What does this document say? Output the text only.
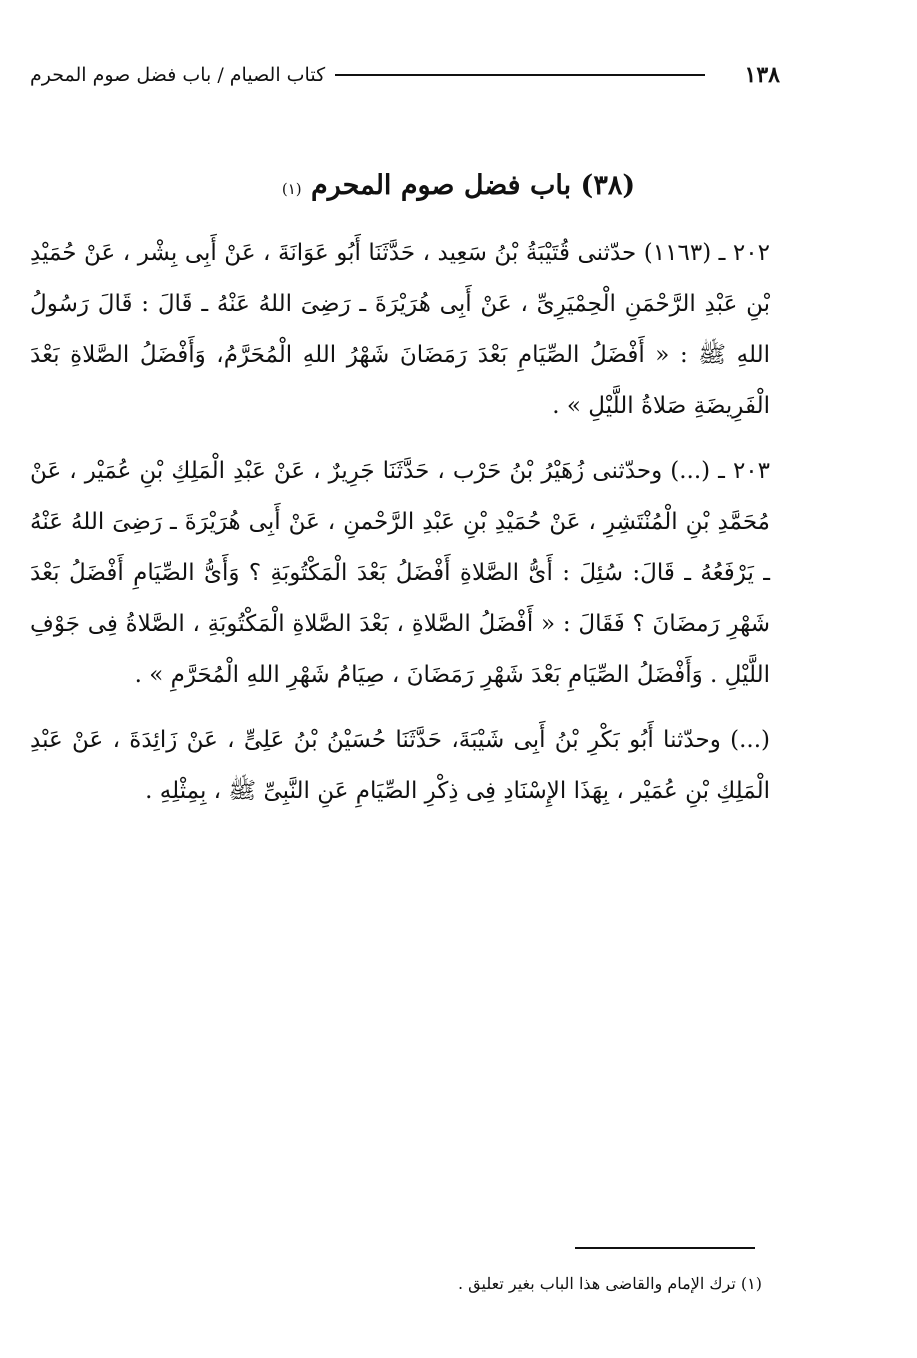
١٣٨
كتاب الصيام / باب فضل صوم المحرم
(٣٨) باب فضل صوم المحرم (١)

٢٠٢ ـ (١١٦٣) حدّثنى قُتَيْبَةُ بْنُ سَعِيد ، حَدَّثَنَا أَبُو عَوَانَةَ ، عَنْ أَبِى بِشْر ، عَنْ حُمَيْدِ بْنِ عَبْدِ الرَّحْمَنِ الْحِمْيَرِىِّ ، عَنْ أَبِى هُرَيْرَةَ ـ رَضِىَ اللهُ عَنْهُ ـ قَالَ : قَالَ رَسُولُ اللهِ ﷺ : « أَفْضَلُ الصِّيَامِ بَعْدَ رَمَضَانَ شَهْرُ اللهِ الْمُحَرَّمُ، وَأَفْضَلُ الصَّلاةِ بَعْدَ الْفَرِيضَةِ صَلاةُ اللَّيْلِ » .

٢٠٣ ـ (...) وحدّثنى زُهَيْرُ بْنُ حَرْب ، حَدَّثَنَا جَرِيرٌ ، عَنْ عَبْدِ الْمَلِكِ بْنِ عُمَيْر ، عَنْ مُحَمَّدِ بْنِ الْمُنْتَشِرِ ، عَنْ حُمَيْدِ بْنِ عَبْدِ الرَّحْمنِ ، عَنْ أَبِى هُرَيْرَةَ ـ رَضِىَ اللهُ عَنْهُ ـ يَرْفَعُهُ ـ قَالَ: سُئِلَ : أَىُّ الصَّلاةِ أَفْضَلُ بَعْدَ الْمَكْتُوبَةِ ؟ وَأَىُّ الصِّيَامِ أَفْضَلُ بَعْدَ شَهْرِ رَمضَانَ ؟ فَقَالَ : « أَفْضَلُ الصَّلاةِ ، بَعْدَ الصَّلاةِ الْمَكْتُوبَةِ ، الصَّلاةُ فِى جَوْفِ اللَّيْلِ . وَأَفْضَلُ الصِّيَامِ بَعْدَ شَهْرِ رَمَضَانَ ، صِيَامُ شَهْرِ اللهِ الْمُحَرَّمِ » .

(...) وحدّثنا أَبُو بَكْرِ بْنُ أَبِى شَيْبَةَ، حَدَّثَنَا حُسَيْنُ بْنُ عَلِىٍّ ، عَنْ زَائِدَةَ ، عَنْ عَبْدِ الْمَلِكِ بْنِ عُمَيْر ، بِهَذَا الإِسْنَادِ فِى ذِكْرِ الصِّيَامِ عَنِ النَّبِىِّ ﷺ ، بِمِثْلِهِ .

(١) ترك الإمام والقاضى هذا الباب بغير تعليق .
